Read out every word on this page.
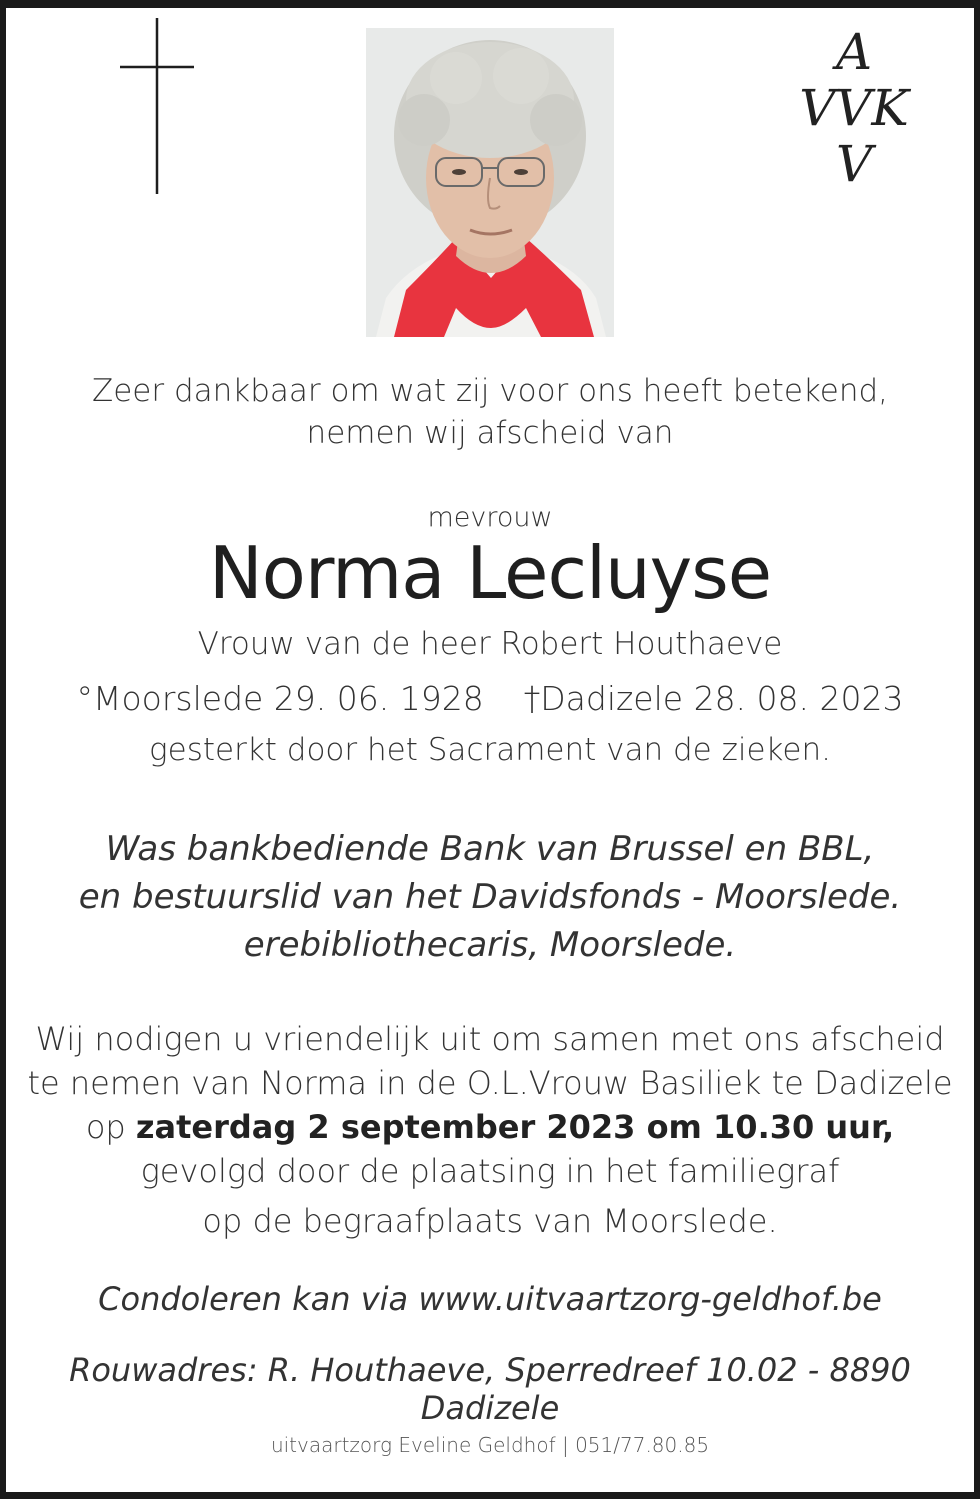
A
VVK
V
Zeer dankbaar om wat zij voor ons heeft betekend,
nemen wij afscheid van
mevrouw
Norma Lecluyse
Vrouw van de heer Robert Houthaeve
°Moorslede 29. 06. 1928 †Dadizele 28. 08. 2023
gesterkt door het Sacrament van de zieken.
Was bankbediende Bank van Brussel en BBL,
en bestuurslid van het Davidsfonds - Moorslede.
erebibliothecaris, Moorslede.
Wij nodigen u vriendelijk uit om samen met ons afscheid
te nemen van Norma in de O.L.Vrouw Basiliek te Dadizele
op zaterdag 2 september 2023 om 10.30 uur,
gevolgd door de plaatsing in het familiegraf
op de begraafplaats van Moorslede.
Condoleren kan via www.uitvaartzorg-geldhof.be
Rouwadres: R. Houthaeve, Sperredreef 10.02 - 8890 Dadizele
uitvaartzorg Eveline Geldhof | 051/77.80.85
